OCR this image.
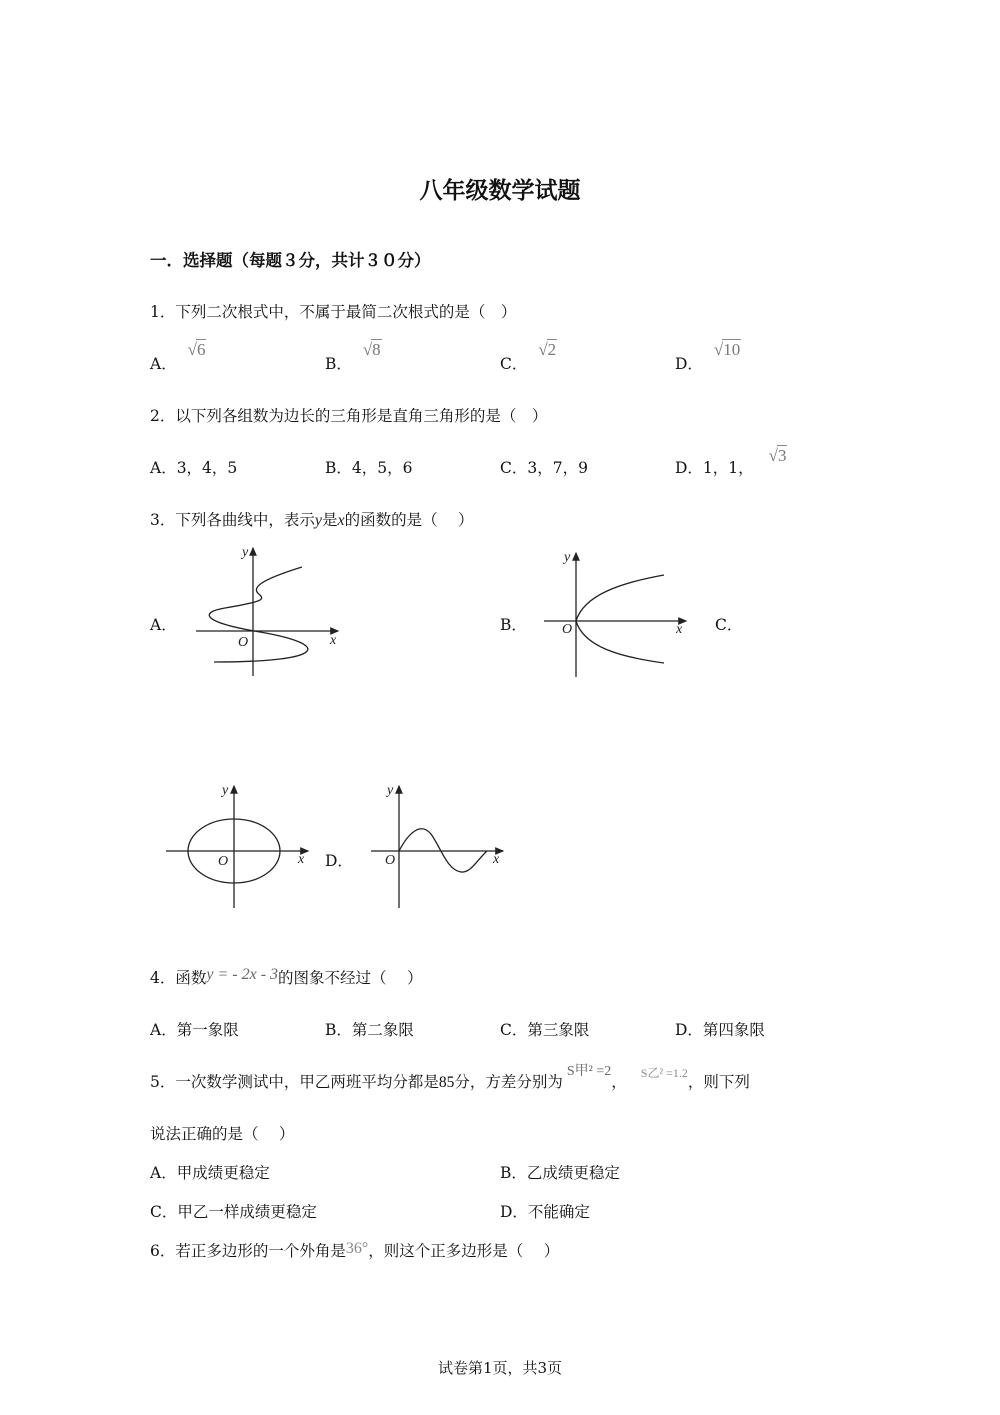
八年级数学试题
一．选择题（每题３分，共计３０分）
1．下列二次根式中，不属于最简二次根式的是（　）
A． √6
B． √8
C． √2
D． √10
2．以下列各组数为边长的三角形是直角三角形的是（　）
A．3，4，5	B．4，5，6	C．3，7，9	D．1，1， √3
3．下列各曲线中，表示y是x的函数的是（　 ）
A．
x
y
O
B．	x
y
O	C．
x
y
O	D．	x
y
O
4．函数y = - 2x - 3的图象不经过（　 ）
A．第一象限	B．第二象限	C．第三象限	D．第四象限
5．一次数学测试中，甲乙两班平均分都是85分，方差分别为S甲² =2， $^{S乙^2 =1.2}$，则下列
说法正确的是（　 ）
A．甲成绩更稳定	B．乙成绩更稳定
C．甲乙一样成绩更稳定	D．不能确定
6．若正多边形的一个外角是36°，则这个正多边形是（　 ）
试卷第1页，共3页
